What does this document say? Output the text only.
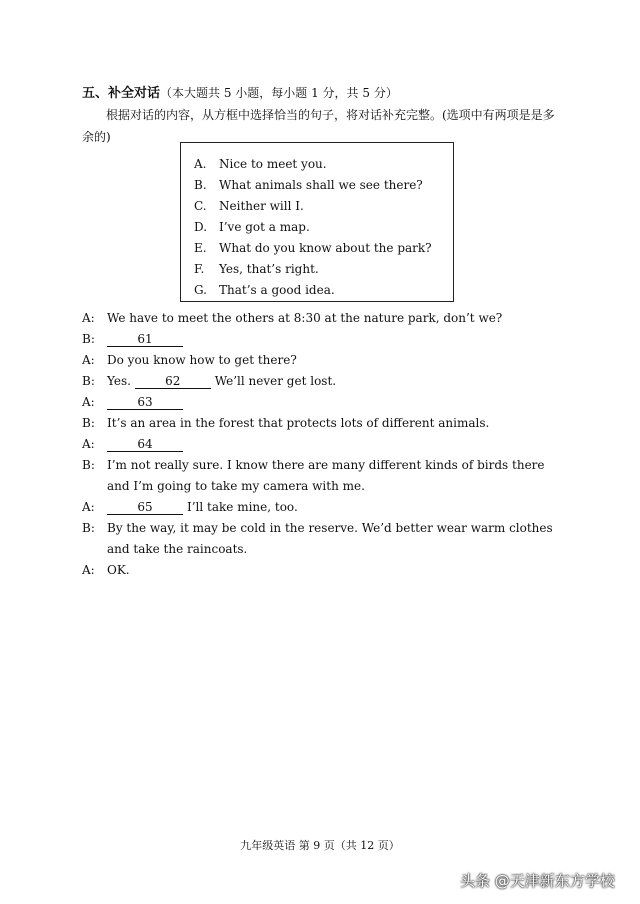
五、补全对话（本大题共 5 小题，每小题 1 分，共 5 分）
根据对话的内容，从方框中选择恰当的句子，将对话补充完整。(选项中有两项是是多余的)
A.	Nice to meet you.
B.	What animals shall we see there?
C.	Neither will I.
D. I’ve got a map.
E.	What do you know about the park?
F.	Yes, that’s right.
G.	That’s a good idea.
A:	We have to meet the others at 8:30 at the nature park, don’t we?
B:	61
A:	Do you know how to get there?
B:	Yes.	62	We’ll never get lost.
A:	63
B:	It’s an area in the forest that protects lots of different animals.
A:	64
B:	I’m not really sure. I know there are many different kinds of birds there and I’m going to take my camera with me.
A:	65	I’ll take mine, too.
B:	By the way, it may be cold in the reserve. We’d better wear warm clothes and take the raincoats.
A:	OK.
九年级英语 第 9 页（共 12 页）
头条 @天津新东方学校
